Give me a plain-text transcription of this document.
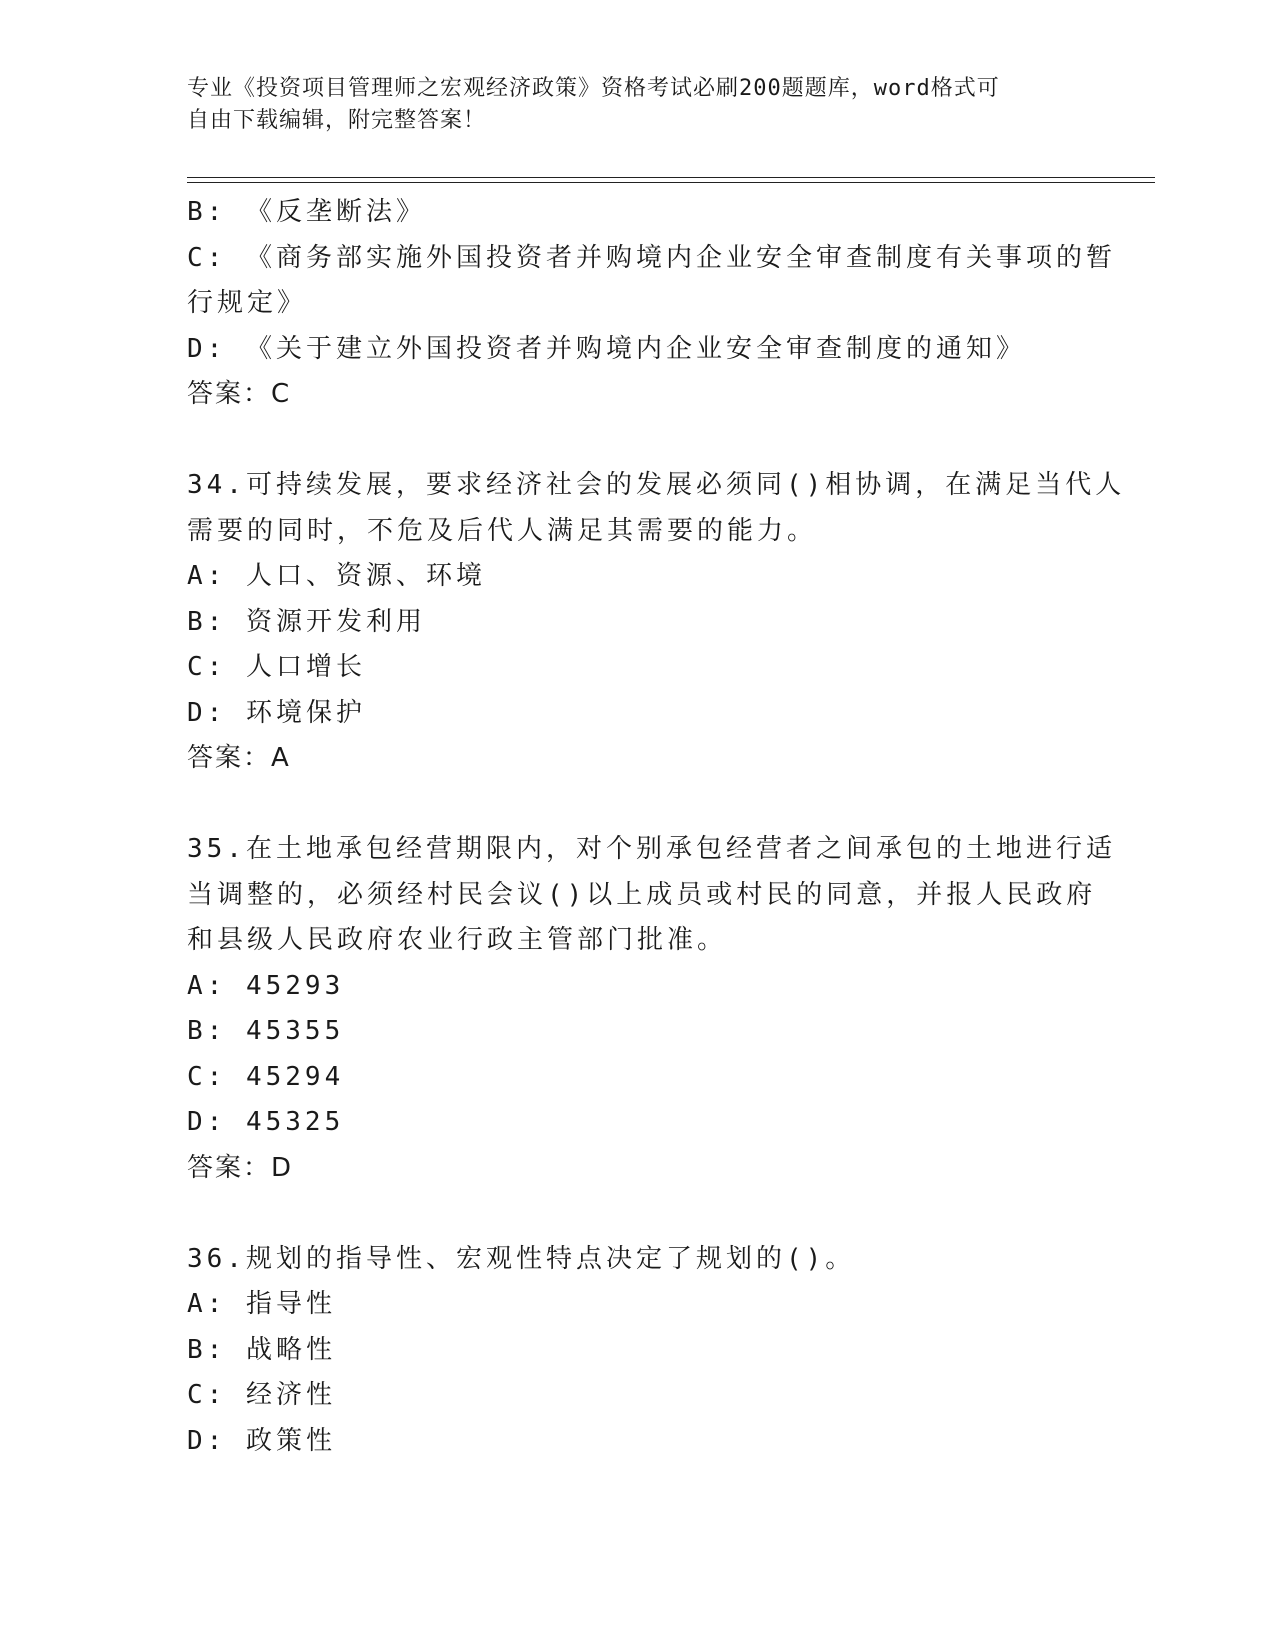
专业《投资项目管理师之宏观经济政策》资格考试必刷200题题库，word格式可
自由下载编辑，附完整答案！
B: 《反垄断法》
C: 《商务部实施外国投资者并购境内企业安全审查制度有关事项的暂
行规定》
D: 《关于建立外国投资者并购境内企业安全审查制度的通知》
答案：C
34.可持续发展，要求经济社会的发展必须同()相协调，在满足当代人
需要的同时，不危及后代人满足其需要的能力。
A: 人口、资源、环境
B: 资源开发利用
C: 人口增长
D: 环境保护
答案：A
35.在土地承包经营期限内，对个别承包经营者之间承包的土地进行适
当调整的，必须经村民会议()以上成员或村民的同意，并报人民政府
和县级人民政府农业行政主管部门批准。
A: 45293
B: 45355
C: 45294
D: 45325
答案：D
36.规划的指导性、宏观性特点决定了规划的()。
A: 指导性
B: 战略性
C: 经济性
D: 政策性
